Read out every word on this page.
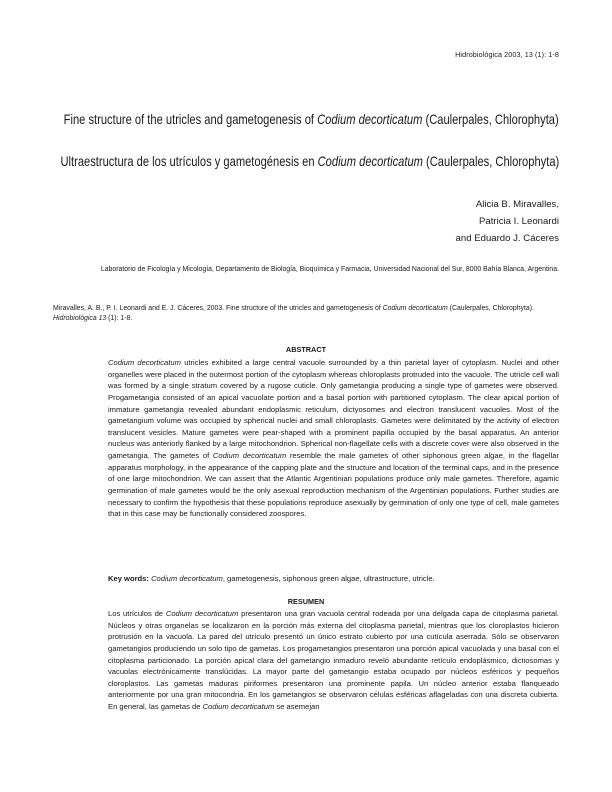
Hidrobiológica 2003, 13 (1): 1-8
Fine structure of the utricles and gametogenesis of Codium decorticatum (Caulerpales, Chlorophyta)
Ultraestructura de los utrículos y gametogénesis en Codium decorticatum (Caulerpales, Chlorophyta)
Alicia B. Miravalles,
Patricia I. Leonardi
and Eduardo J. Cáceres
Laboratorio de Ficología y Micología, Departamento de Biología, Bioquímica y Farmacia, Universidad Nacional del Sur, 8000 Bahía Blanca, Argentina.
Miravalles, A. B., P. I. Leonardi and E. J. Cáceres, 2003. Fine structure of the utricles and gametogenesis of Codium decorticatum (Caulerpales, Chlorophyta). Hidrobiológica 13 (1): 1-8.
ABSTRACT
Codium decorticatum utricles exhibited a large central vacuole surrounded by a thin parietal layer of cytoplasm. Nuclei and other organelles were placed in the outermost portion of the cytoplasm whereas chloroplasts protruded into the vacuole. The utricle cell wall was formed by a single stratum covered by a rugose cuticle. Only gametangia producing a single type of gametes were observed. Progametangia consisted of an apical vacuolate portion and a basal portion with partitioned cytoplasm. The clear apical portion of immature gametangia revealed abundant endoplasmic reticulum, dictyosomes and electron translucent vacuoles. Most of the gametangium volume was occupied by spherical nuclei and small chloroplasts. Gametes were delimitated by the activity of electron translucent vesicles. Mature gametes were pear-shaped with a prominent papilla occupied by the basal apparatus. An anterior nucleus was anteriorly flanked by a large mitochondrion. Spherical non-flagellate cells with a discrete cover were also observed in the gametangia. The gametes of Codium decorticatum resemble the male gametes of other siphonous green algae, in the flagellar apparatus morphology, in the appearance of the capping plate and the structure and location of the terminal caps, and in the presence of one large mitochondrion. We can assert that the Atlantic Argentinian populations produce only male gametes. Therefore, agamic germination of male gametes would be the only asexual reproduction mechanism of the Argentinian populations. Further studies are necessary to confirm the hypothesis that these populations reproduce asexually by germination of only one type of cell, male gametes that in this case may be functionally considered zoospores.
Key words: Codium decorticatum, gametogenesis, siphonous green algae, ultrastructure, utricle.
RESUMEN
Los utrículos de Codium decorticatum presentaron una gran vacuola central rodeada por una delgada capa de citoplasma parietal. Núcleos y otras organelas se localizaron en la porción más externa del citoplasma parietal, mientras que los cloroplastos hicieron protrusión en la vacuola. La pared del utrículo presentó un único estrato cubierto por una cutícula aserrada. Sólo se observaron gametangios produciendo un solo tipo de gametas. Los progametangios presentaron una porción apical vacuolada y una basal con el citoplasma particionado. La porción apical clara del gametangio inmaduro reveló abundante retículo endoplásmico, dictiosomas y vacuolas electrónicamente translúcidas. La mayor parte del gametangio estaba ocupado por núcleos esféricos y pequeños cloroplastos. Las gametas maduras piriformes presentaron una prominente papila. Un núcleo anterior estaba flanqueado anteriormente por una gran mitocondria. En los gametangios se observaron células esféricas aflageladas con una discreta cubierta. En general, las gametas de Codium decorticatum se asemejan
